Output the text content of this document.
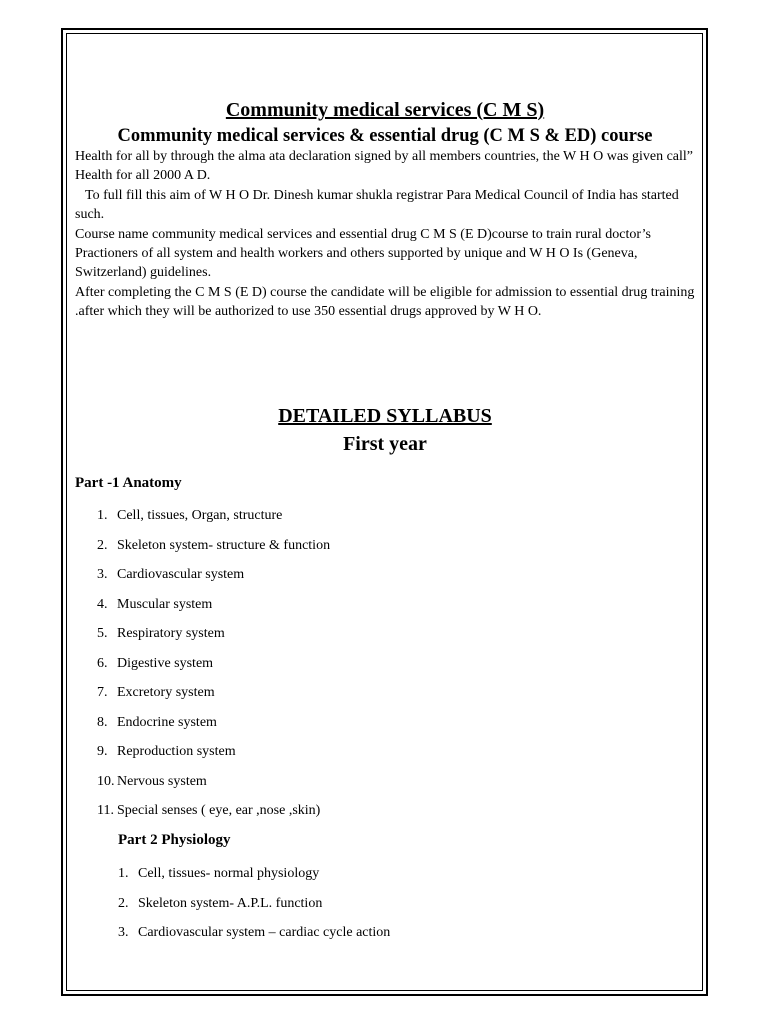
Community medical services (C M S)
Community medical services & essential drug (C M S & ED) course

Health for all by through the alma ata declaration signed by all members countries, the W H O was given call” Health for all 2000 A D.

To full fill this aim of W H O Dr. Dinesh kumar shukla registrar Para Medical Council of India has started such.

Course name community medical services and essential drug C M S (E D)course to train rural doctor’s Practioners of all system and health workers and others supported by unique and W H O Is (Geneva, Switzerland) guidelines.

After completing the C M S (E D) course the candidate will be eligible for admission to essential drug training .after which they will be authorized to use 350 essential drugs approved by W H O.

DETAILED SYLLABUS
First year

Part -1 Anatomy

1. Cell, tissues, Organ, structure
2. Skeleton system- structure & function
3. Cardiovascular system
4. Muscular system
5. Respiratory system
6. Digestive system
7. Excretory system
8. Endocrine system
9. Reproduction system
10. Nervous system
11. Special senses ( eye, ear ,nose ,skin)

Part 2 Physiology

1. Cell, tissues- normal physiology
2. Skeleton system- A.P.L. function
3. Cardiovascular system – cardiac cycle action
